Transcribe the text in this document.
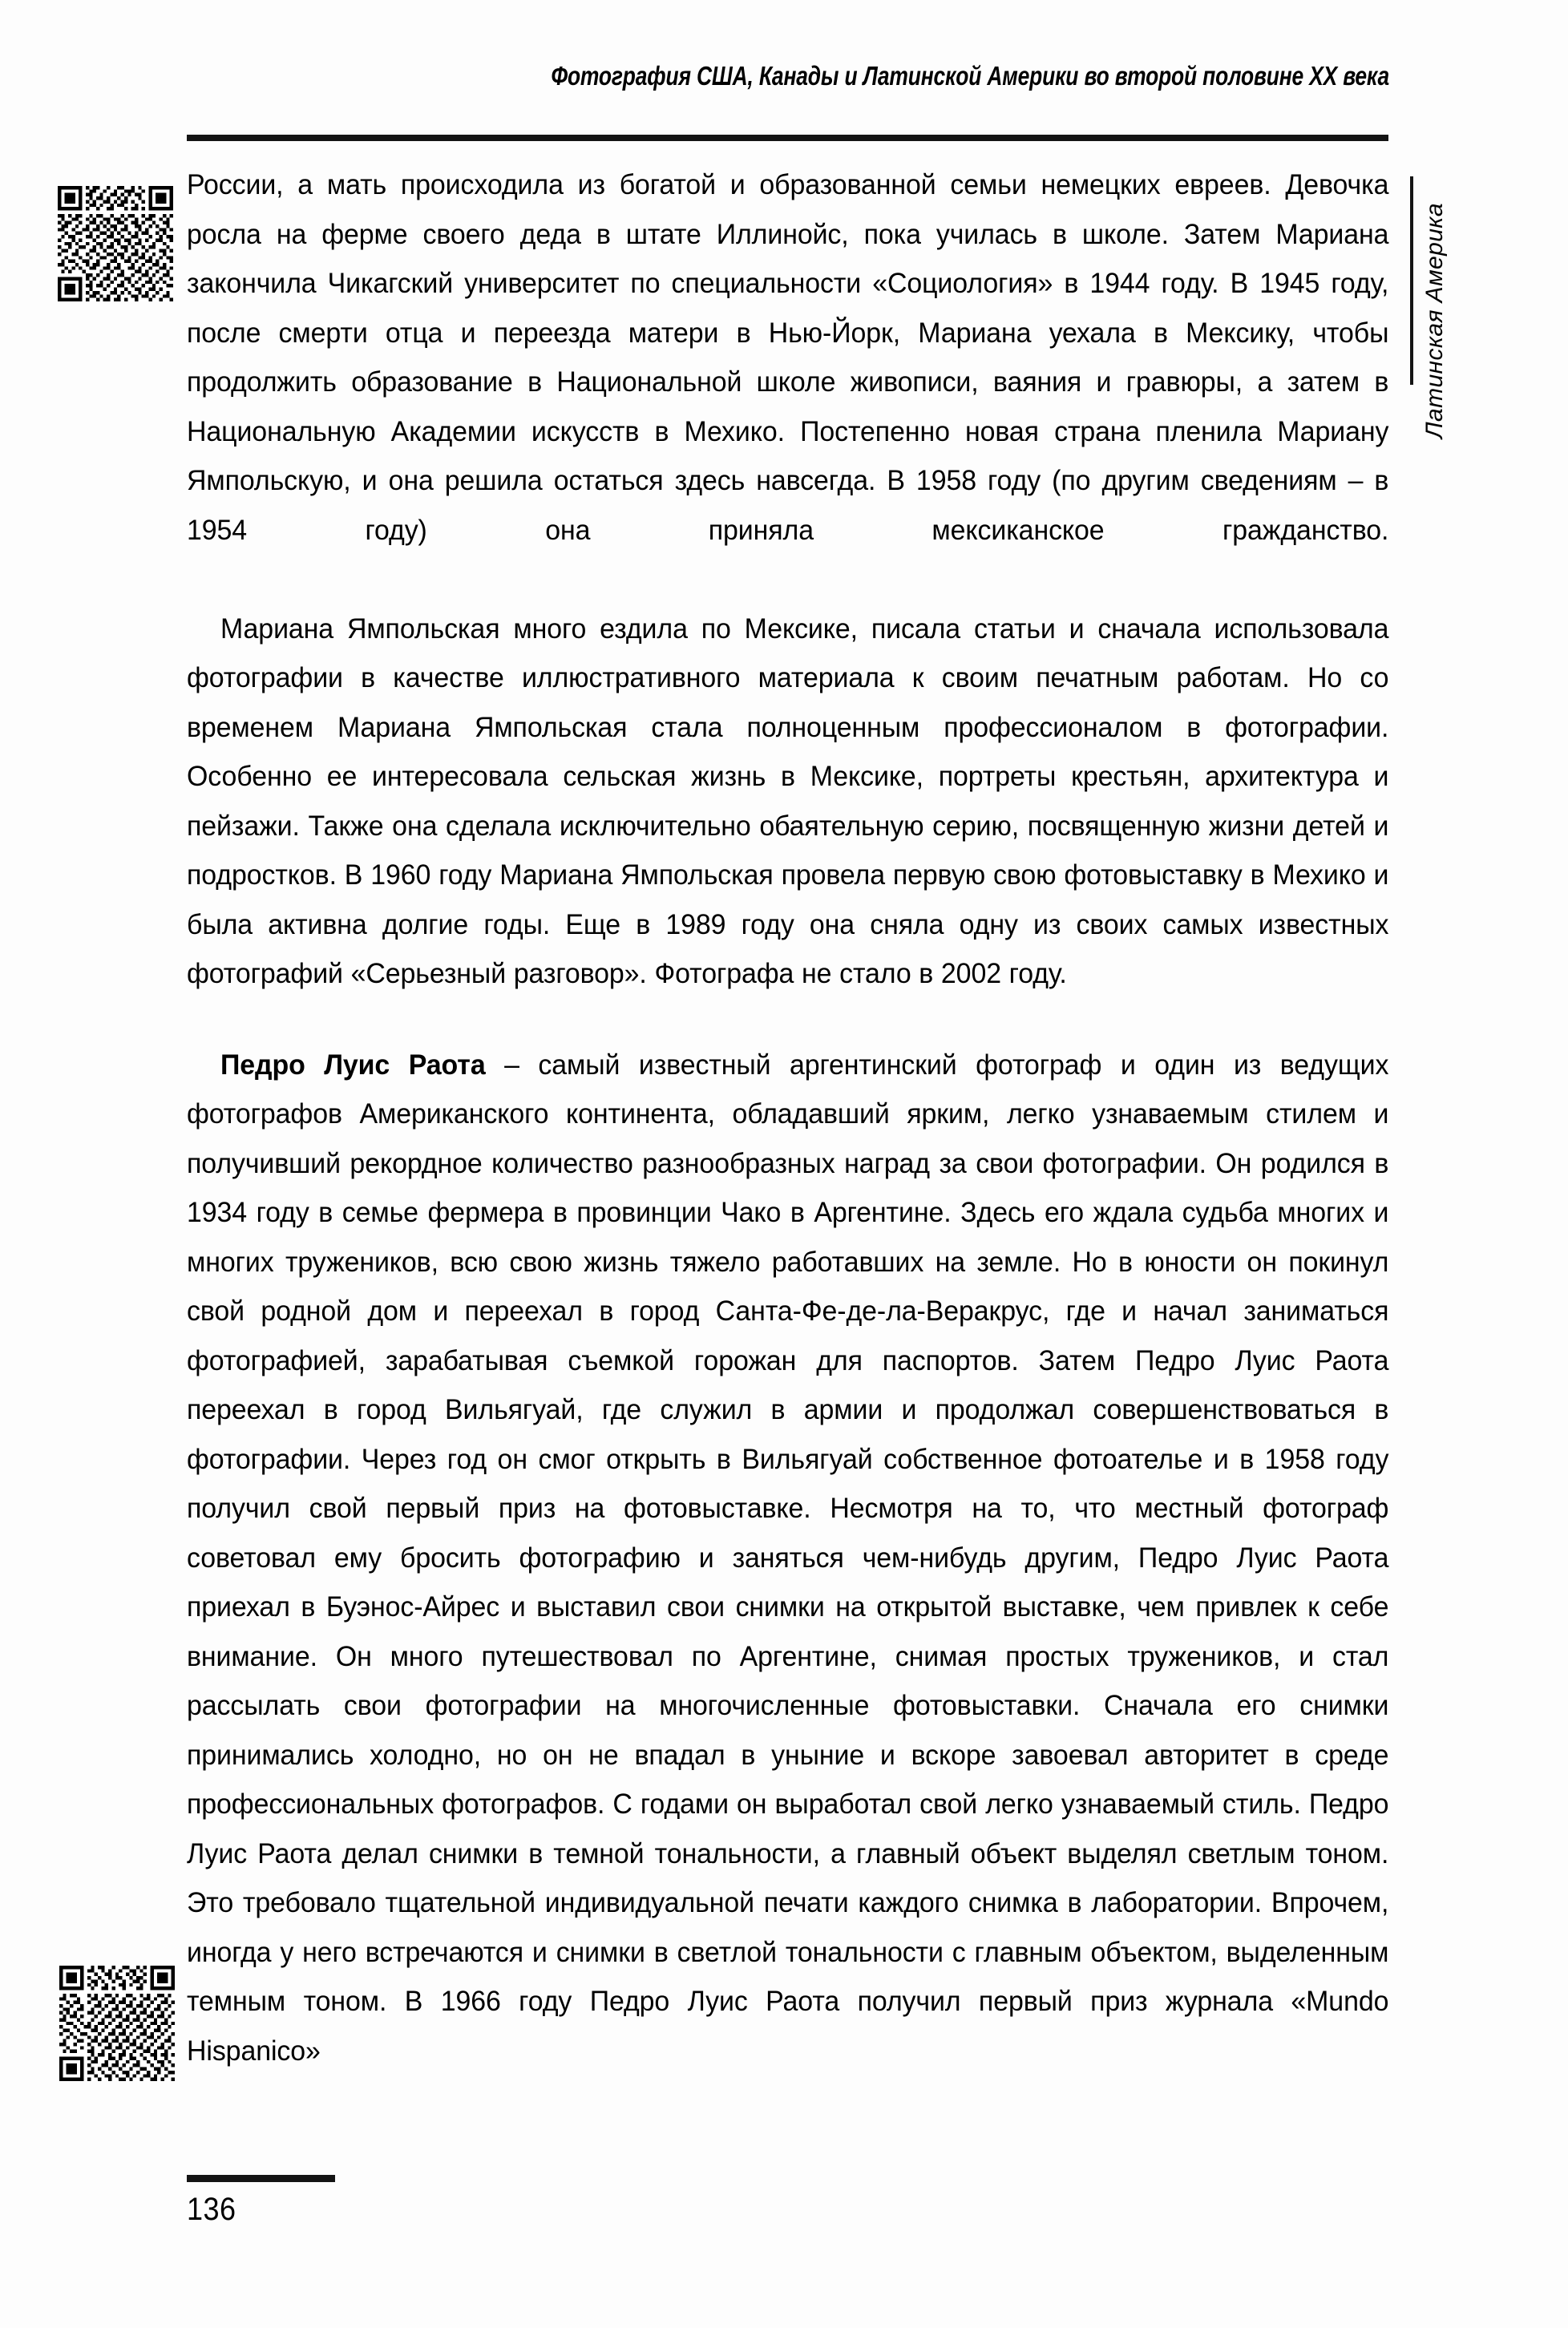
Фотография США, Канады и Латинской Америки во второй половине XX века
Латинская Америка

России, а мать происходила из богатой и образованной семьи немецких евреев. Девочка росла на ферме своего деда в штате Иллинойс, пока училась в школе. Затем Мариана закончила Чикагский университет по специальности «Социология» в 1944 году. В 1945 году, после смерти отца и переезда матери в Нью-Йорк, Мариана уехала в Мексику, чтобы продолжить образование в Национальной школе живописи, ваяния и гравюры, а затем в Национальную Академии искусств в Мехико. Постепенно новая страна пленила Мариану Ямпольскую, и она решила остаться здесь навсегда. В 1958 году (по другим сведениям – в 1954 году) она приняла мексиканское гражданство.

Мариана Ямпольская много ездила по Мексике, писала статьи и сначала использовала фотографии в качестве иллюстративного материала к своим печатным работам. Но со временем Мариана Ямпольская стала полноценным профессионалом в фотографии. Особенно ее интересовала сельская жизнь в Мексике, портреты крестьян, архитектура и пейзажи. Также она сделала исключительно обаятельную серию, посвященную жизни детей и подростков. В 1960 году Мариана Ямпольская провела первую свою фотовыставку в Мехико и была активна долгие годы. Еще в 1989 году она сняла одну из своих самых известных фотографий «Серьезный разговор». Фотографа не стало в 2002 году.

Педро Луис Раота – самый известный аргентинский фотограф и один из ведущих фотографов Американского континента, обладавший ярким, легко узнаваемым стилем и получивший рекордное количество разнообразных наград за свои фотографии. Он родился в 1934 году в семье фермера в провинции Чако в Аргентине. Здесь его ждала судьба многих и многих тружеников, всю свою жизнь тяжело работавших на земле. Но в юности он покинул свой родной дом и переехал в город Санта-Фе-де-ла-Веракрус, где и начал заниматься фотографией, зарабатывая съемкой горожан для паспортов. Затем Педро Луис Раота переехал в город Вильягуай, где служил в армии и продолжал совершенствоваться в фотографии. Через год он смог открыть в Вильягуай собственное фотоателье и в 1958 году получил свой первый приз на фотовыставке. Несмотря на то, что местный фотограф советовал ему бросить фотографию и заняться чем-нибудь другим, Педро Луис Раота приехал в Буэнос-Айрес и выставил свои снимки на открытой выставке, чем привлек к себе внимание. Он много путешествовал по Аргентине, снимая простых тружеников, и стал рассылать свои фотографии на многочисленные фотовыставки. Сначала его снимки принимались холодно, но он не впадал в уныние и вскоре завоевал авторитет в среде профессиональных фотографов. С годами он выработал свой легко узнаваемый стиль. Педро Луис Раота делал снимки в темной тональности, а главный объект выделял светлым тоном. Это требовало тщательной индивидуальной печати каждого снимка в лаборатории. Впрочем, иногда у него встречаются и снимки в светлой тональности с главным объектом, выделенным темным тоном. В 1966 году Педро Луис Раота получил первый приз журнала «Mundo Hispanico»

136
